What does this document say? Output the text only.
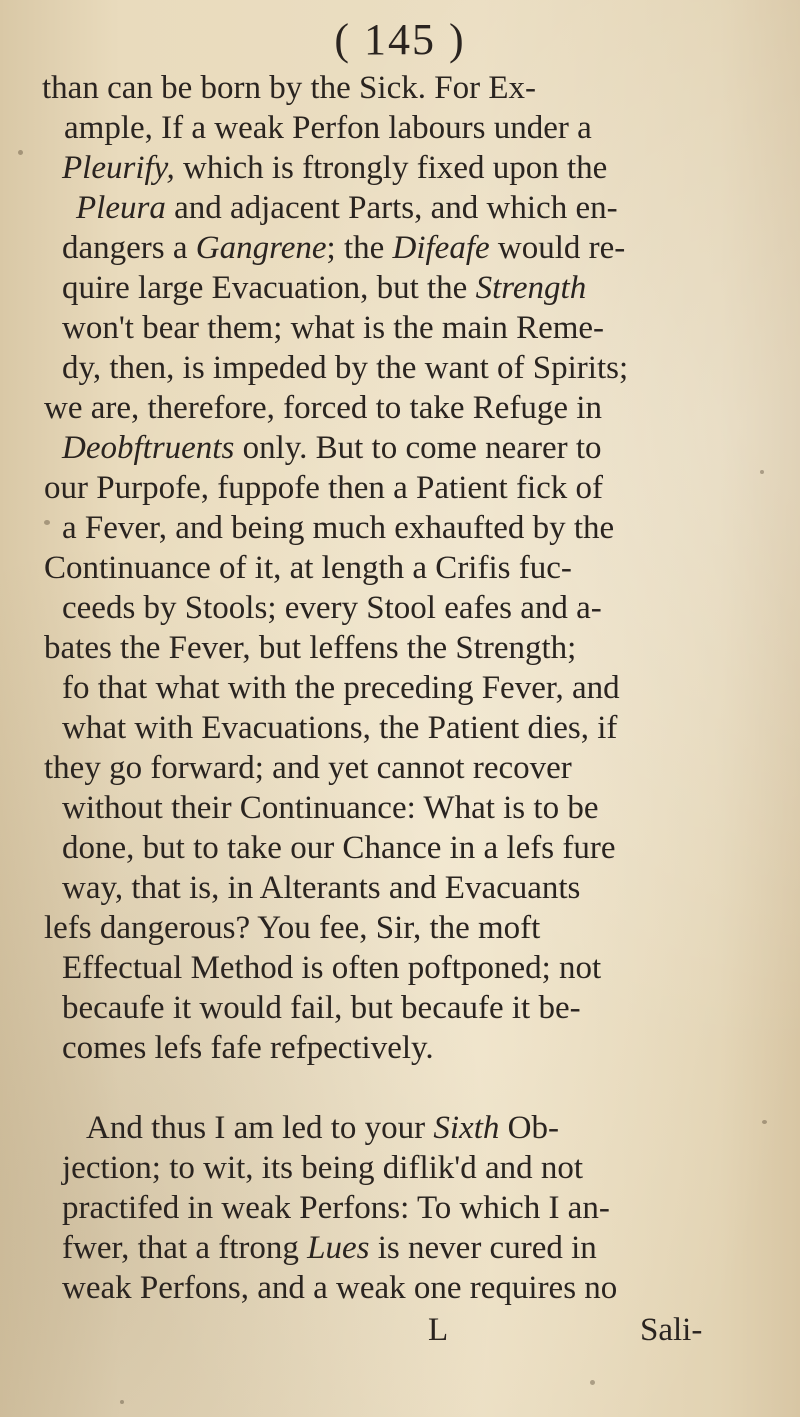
( 145 )
than can be born by the Sick. For Ex-
ample, If a weak Perfon labours under a
Pleurify, which is ftrongly fixed upon the
Pleura and adjacent Parts, and which en-
dangers a Gangrene; the Difeafe would re-
quire large Evacuation, but the Strength
won't bear them; what is the main Reme-
dy, then, is impeded by the want of Spirits;
we are, therefore, forced to take Refuge in
Deobftruents only. But to come nearer to
our Purpofe, fuppofe then a Patient fick of
a Fever, and being much exhaufted by the
Continuance of it, at length a Crifis fuc-
ceeds by Stools; every Stool eafes and a-
bates the Fever, but leffens the Strength;
fo that what with the preceding Fever, and
what with Evacuations, the Patient dies, if
they go forward; and yet cannot recover
without their Continuance: What is to be
done, but to take our Chance in a lefs fure
way, that is, in Alterants and Evacuants
lefs dangerous? You fee, Sir, the moft
Effectual Method is often poftponed; not
becaufe it would fail, but becaufe it be-
comes lefs fafe refpectively.
And thus I am led to your Sixth Ob-
jection; to wit, its being diflik'd and not
practifed in weak Perfons: To which I an-
fwer, that a ftrong Lues is never cured in
weak Perfons, and a weak one requires no
L	Sali-
